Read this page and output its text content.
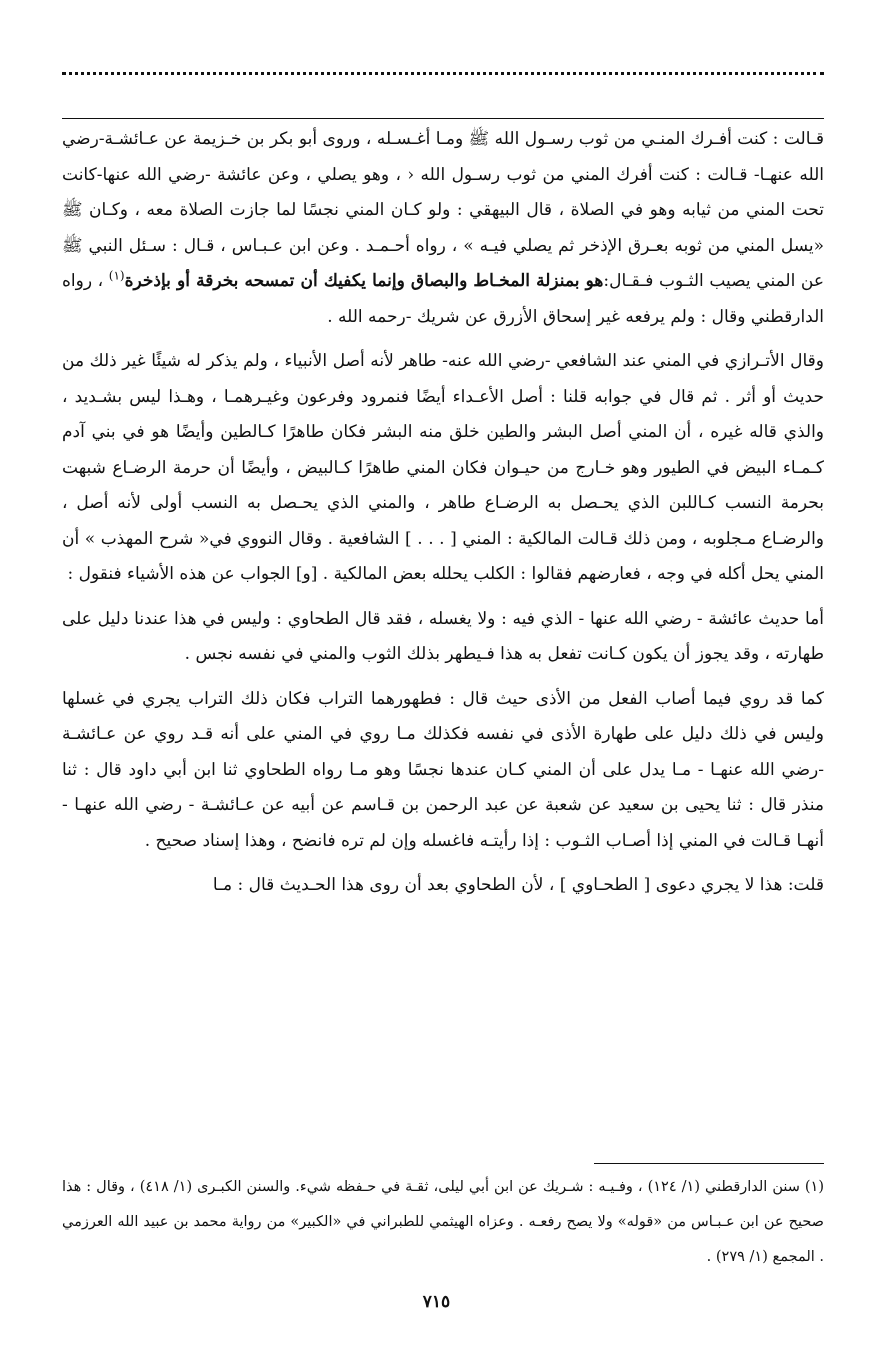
قـالت : كنت أفـرك المنـي من ثوب رسـول الله ﷺ ومـا أغـسـله ، وروى أبو بكر بن خـزيمة عن عـائشـة-رضي الله عنهـا- قـالت : كنت أفرك المني من ثوب رسـول الله ‹ ، وهو يصلي ، وعن عائشة -رضي الله عنها-كانت تحت المني من ثيابه وهو في الصلاة ، قال البيهقي : ولو كـان المني نجسًا لما جازت الصلاة معه ، وكـان ﷺ «يسل المني من ثوبه بعـرق الإذخر ثم يصلي فيـه » ، رواه أحـمـد . وعن ابن عـبـاس ، قـال : سـئل النبي ﷺ عن المني يصيب الثـوب فـقـال:هو بمنزلة المخـاط والبصاق وإنما يكفيك أن تمسحه بخرقة أو بإذخرة$^{(١)}$ ، رواه الدارقطني وقال : ولم يرفعه غير إسحاق الأزرق عن شريك -رحمه الله .

وقال الأتـرازي في المني عند الشافعي -رضي الله عنه- طاهر لأنه أصل الأنبياء ، ولم يذكر له شيئًا غير ذلك من حديث أو أثر . ثم قال في جوابه قلنا : أصل الأعـداء أيضًا فنمرود وفرعون وغيـرهمـا ، وهـذا ليس بشـديد ، والذي قاله غيره ، أن المني أصل البشر والطين خلق منه البشر فكان طاهرًا كـالطين وأيضًا هو في بني آدم كـمـاء البيض في الطيور وهو خـارج من حيـوان فكان المني طاهرًا كـالبيض ، وأيضًا أن حرمة الرضـاع شبهت بحرمة النسب كـاللبن الذي يحـصل به الرضـاع طاهر ، والمني الذي يحـصل به النسب أولى لأنه أصل ، والرضـاع مـجلوبه ، ومن ذلك قـالت المالكية : المني [ . . . ] الشافعية . وقال النووي في« شرح المهذب » أن المني يحل أكله في وجه ، فعارضهم فقالوا : الكلب يحلله بعض المالكية . [و] الجواب عن هذه الأشياء فنقول :

أما حديث عائشة - رضي الله عنها - الذي فيه : ولا يغسله ، فقد قال الطحاوي : وليس في هذا عندنا دليل على طهارته ، وقد يجوز أن يكون كـانت تفعل به هذا فـيطهر بذلك الثوب والمني في نفسه نجس .

كما قد روي فيما أصاب الفعل من الأذى حيث قال : فطهورهما التراب فكان ذلك التراب يجري في غسلها وليس في ذلك دليل على طهارة الأذى في نفسه فكذلك مـا روي في المني على أنه قـد روي عن عـائشـة -رضي الله عنهـا - مـا يدل على أن المني كـان عندها نجسًا وهو مـا رواه الطحاوي ثنا ابن أبي داود قال : ثنا منذر قال : ثنا يحيى بن سعيد عن شعبة عن عبد الرحمن بن قـاسم عن أبيه عن عـائشـة - رضي الله عنهـا - أنهـا قـالت في المني إذا أصـاب الثـوب : إذا رأيتـه فاغسله وإن لم تره فانضح ، وهذا إسناد صحيح .

قلت: هذا لا يجري دعوى [ الطحـاوي ] ، لأن الطحاوي بعد أن روى هذا الحـديث قال : مـا

(١) سنن الدارقطني (١/ ١٢٤) ، وفـيـه : شـريك عن ابن أبي ليلى، ثقـة في حـفظه شيء. والسنن الكبـرى (١/ ٤١٨) ، وقال : هذا صحيح عن ابن عـبـاس من «قوله» ولا يصح رفعـه . وعزاه الهيثمي للطبراني في «الكبير» من رواية محمد بن عبيد الله العرزمي . المجمع (١/ ٢٧٩) .

٧١٥
